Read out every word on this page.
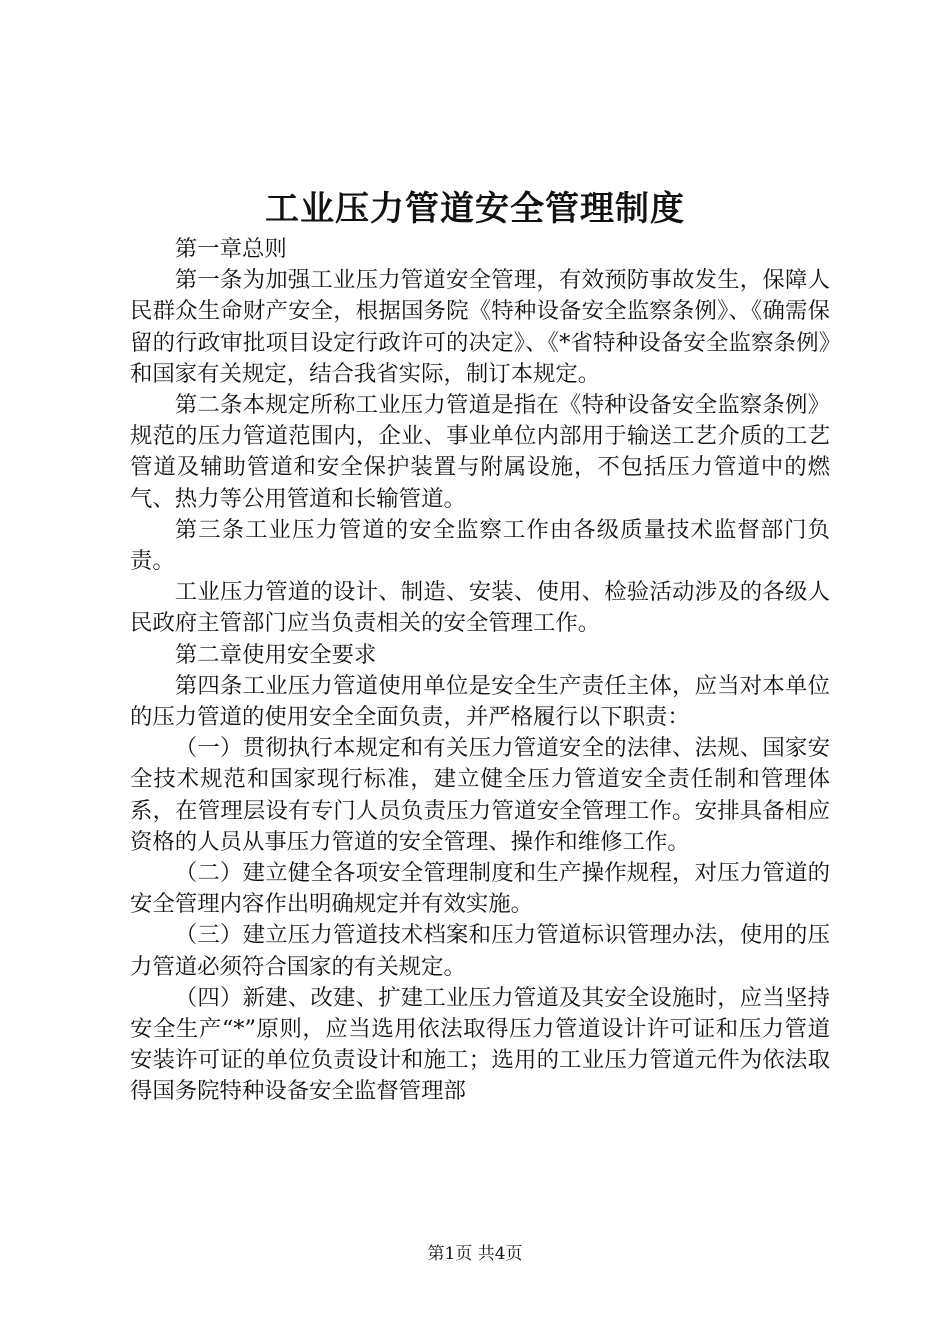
工业压力管道安全管理制度

第一章总则

第一条为加强工业压力管道安全管理，有效预防事故发生，保障人民群众生命财产安全，根据国务院《特种设备安全监察条例》、《确需保留的行政审批项目设定行政许可的决定》、《*省特种设备安全监察条例》和国家有关规定，结合我省实际，制订本规定。

第二条本规定所称工业压力管道是指在《特种设备安全监察条例》规范的压力管道范围内，企业、事业单位内部用于输送工艺介质的工艺管道及辅助管道和安全保护装置与附属设施，不包括压力管道中的燃气、热力等公用管道和长输管道。

第三条工业压力管道的安全监察工作由各级质量技术监督部门负责。

工业压力管道的设计、制造、安装、使用、检验活动涉及的各级人民政府主管部门应当负责相关的安全管理工作。

第二章使用安全要求

第四条工业压力管道使用单位是安全生产责任主体，应当对本单位的压力管道的使用安全全面负责，并严格履行以下职责：

（一）贯彻执行本规定和有关压力管道安全的法律、法规、国家安全技术规范和国家现行标准，建立健全压力管道安全责任制和管理体系，在管理层设有专门人员负责压力管道安全管理工作。安排具备相应资格的人员从事压力管道的安全管理、操作和维修工作。

（二）建立健全各项安全管理制度和生产操作规程，对压力管道的安全管理内容作出明确规定并有效实施。

（三）建立压力管道技术档案和压力管道标识管理办法，使用的压力管道必须符合国家的有关规定。

（四）新建、改建、扩建工业压力管道及其安全设施时，应当坚持安全生产“*”原则，应当选用依法取得压力管道设计许可证和压力管道安装许可证的单位负责设计和施工；选用的工业压力管道元件为依法取得国务院特种设备安全监督管理部

第1页 共4页
